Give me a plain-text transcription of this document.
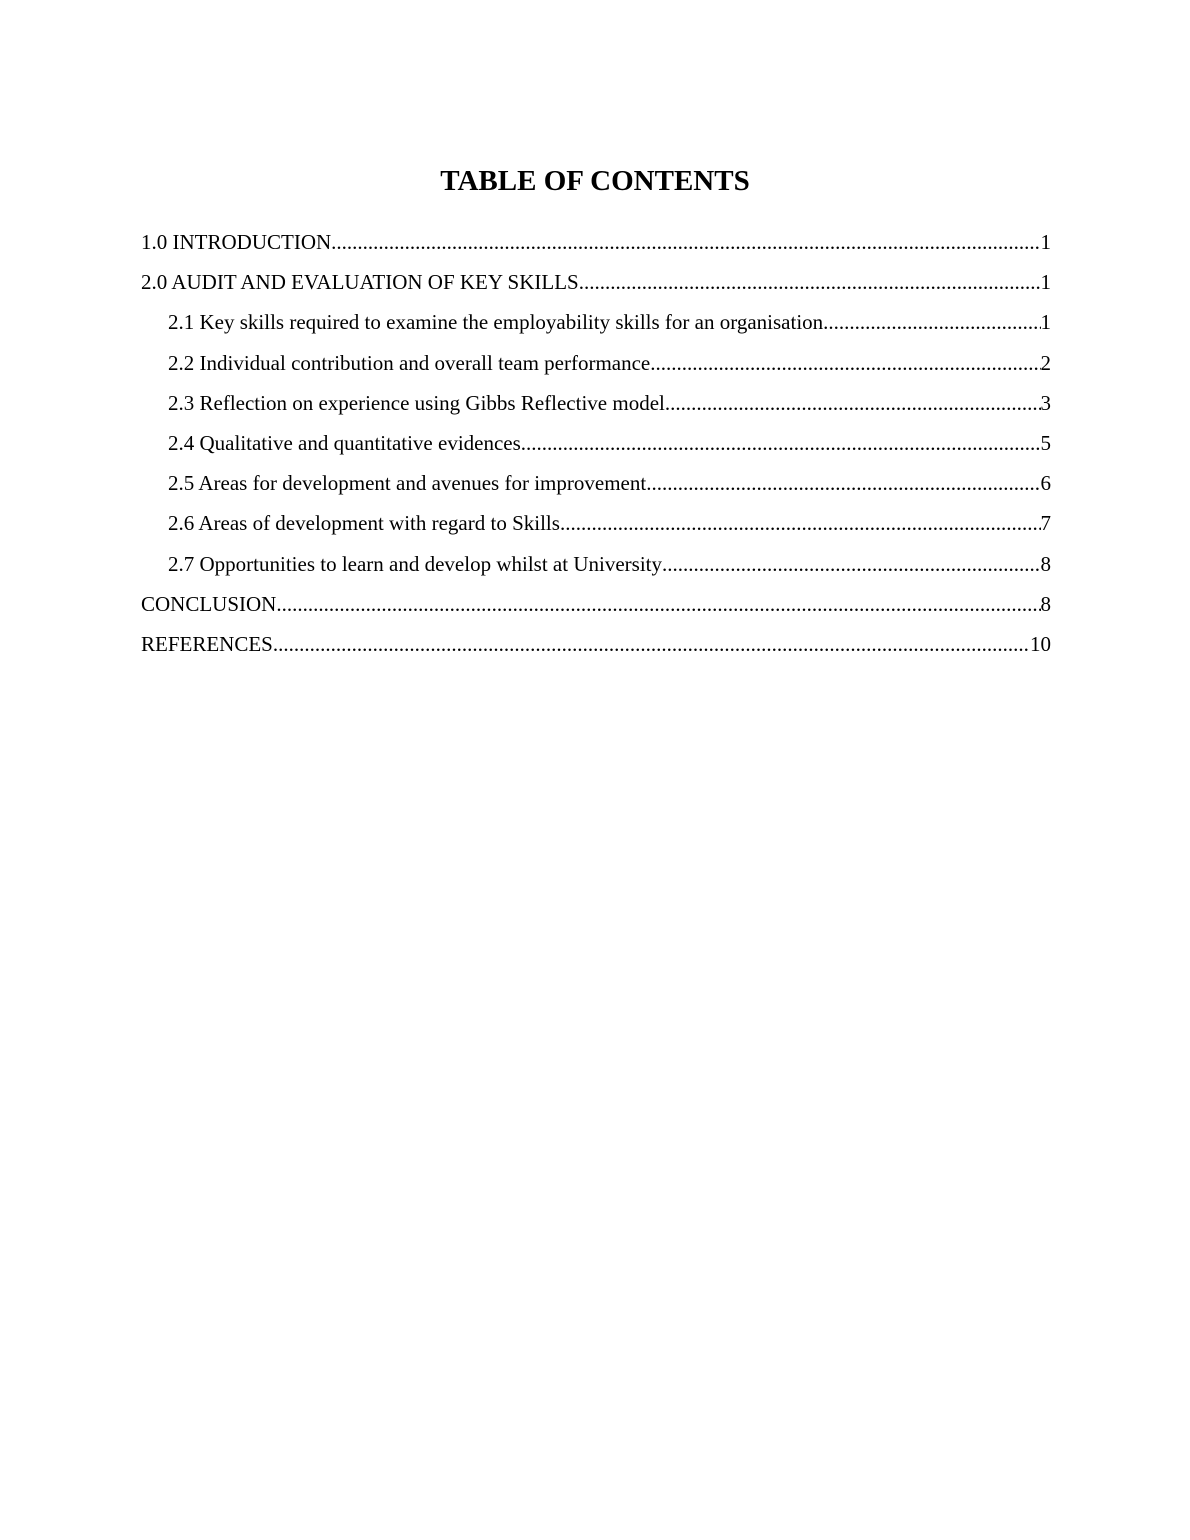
TABLE OF CONTENTS
1.0 INTRODUCTION .....	1
2.0 AUDIT AND EVALUATION OF KEY SKILLS .....	1
2.1 Key skills required to examine the employability skills for an organisation .....	1
2.2 Individual contribution and overall team performance .....	2
2.3 Reflection on experience using Gibbs Reflective model .....	3
2.4 Qualitative and quantitative evidences .....	5
2.5 Areas for development and avenues for improvement .....	6
2.6 Areas of development with regard to Skills .....	7
2.7 Opportunities to learn and develop whilst at University .....	8
CONCLUSION .....	8
REFERENCES .....	10
